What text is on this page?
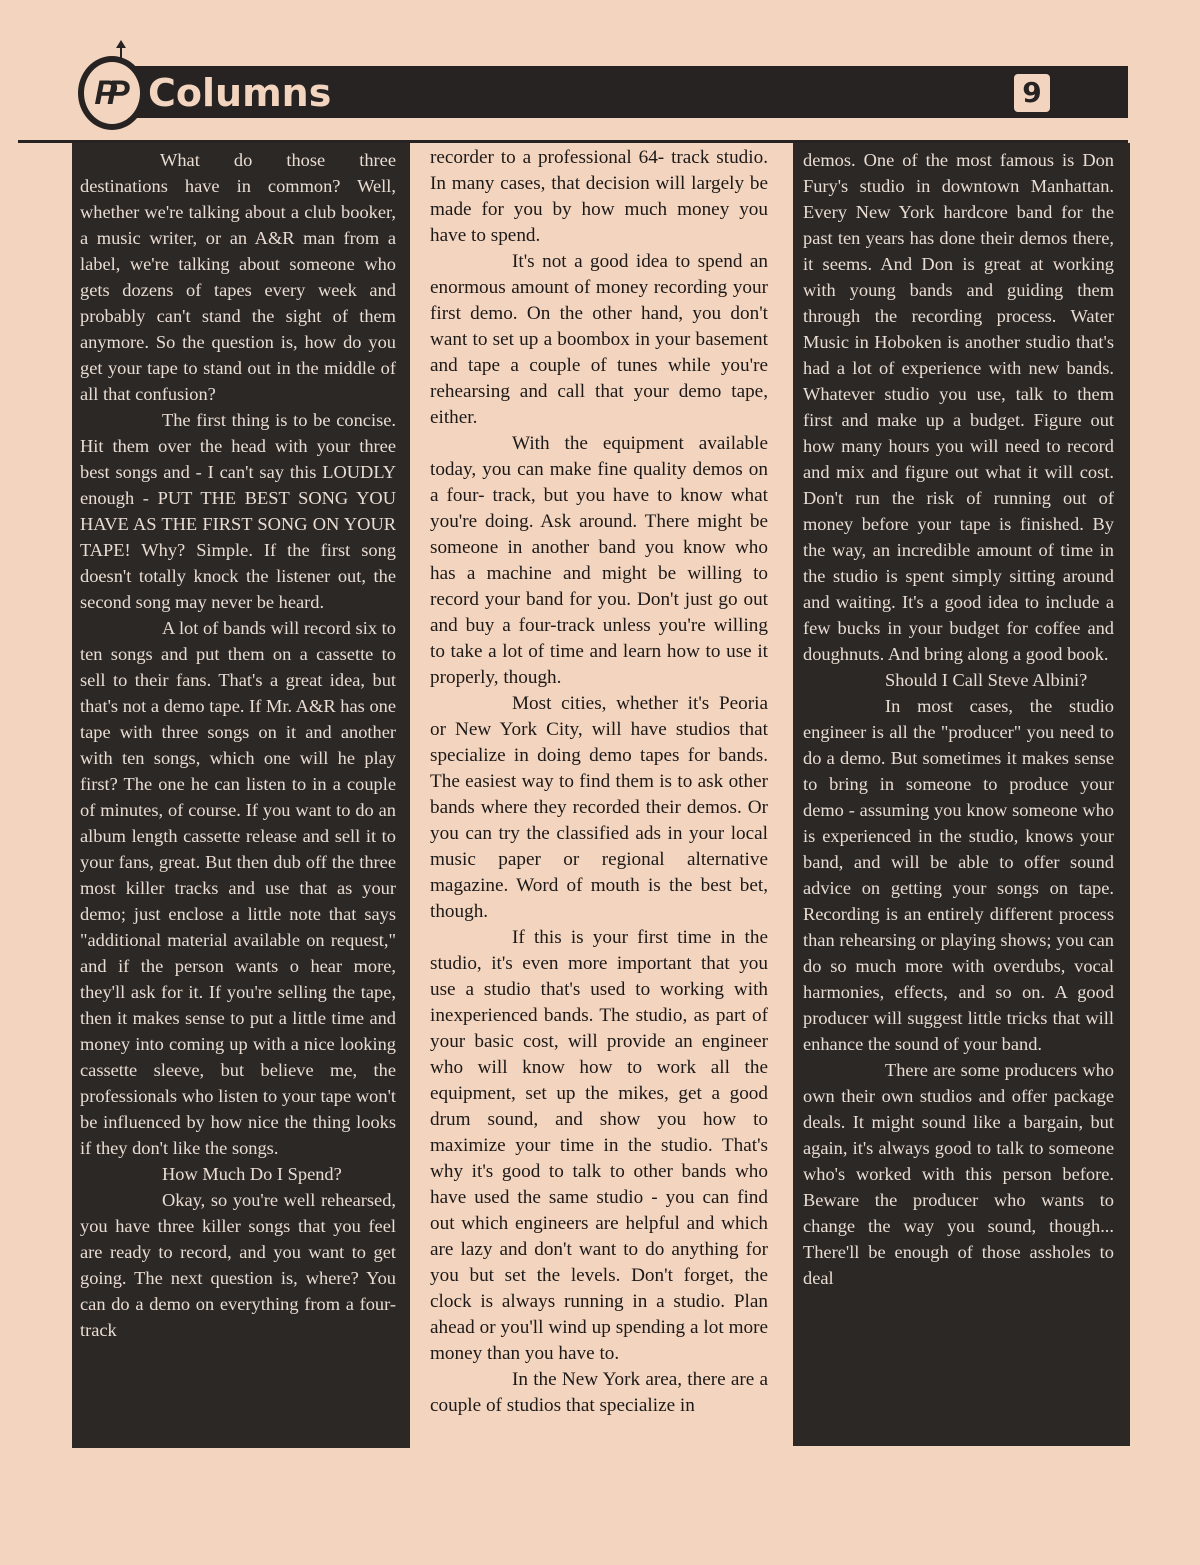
P
P Columns	9

What do those three destinations have in common? Well, whether we're talking about a club booker, a music writer, or an A&R man from a label, we're talking about someone who gets dozens of tapes every week and probably can't stand the sight of them anymore. So the question is, how do you get your tape to stand out in the middle of all that confusion?

The first thing is to be concise. Hit them over the head with your three best songs and - I can't say this LOUDLY enough - PUT THE BEST SONG YOU HAVE AS THE FIRST SONG ON YOUR TAPE! Why? Simple. If the first song doesn't totally knock the listener out, the second song may never be heard.

A lot of bands will record six to ten songs and put them on a cassette to sell to their fans. That's a great idea, but that's not a demo tape. If Mr. A&R has one tape with three songs on it and another with ten songs, which one will he play first? The one he can listen to in a couple of minutes, of course. If you want to do an album length cassette release and sell it to your fans, great. But then dub off the three most killer tracks and use that as your demo; just enclose a little note that says "additional material available on request," and if the person wants o hear more, they'll ask for it. If you're selling the tape, then it makes sense to put a little time and money into coming up with a nice looking cassette sleeve, but believe me, the professionals who listen to your tape won't be influenced by how nice the thing looks if they don't like the songs.

How Much Do I Spend?

Okay, so you're well rehearsed, you have three killer songs that you feel are ready to record, and you want to get going. The next question is, where? You can do a demo on everything from a four-track

recorder to a professional 64- track studio. In many cases, that decision will largely be made for you by how much money you have to spend.

It's not a good idea to spend an enormous amount of money recording your first demo. On the other hand, you don't want to set up a boombox in your basement and tape a couple of tunes while you're rehearsing and call that your demo tape, either.

With the equipment available today, you can make fine quality demos on a four- track, but you have to know what you're doing. Ask around. There might be someone in another band you know who has a machine and might be willing to record your band for you. Don't just go out and buy a four-track unless you're willing to take a lot of time and learn how to use it properly, though.

Most cities, whether it's Peoria or New York City, will have studios that specialize in doing demo tapes for bands. The easiest way to find them is to ask other bands where they recorded their demos. Or you can try the classified ads in your local music paper or regional alternative magazine. Word of mouth is the best bet, though.

If this is your first time in the studio, it's even more important that you use a studio that's used to working with inexperienced bands. The studio, as part of your basic cost, will provide an engineer who will know how to work all the equipment, set up the mikes, get a good drum sound, and show you how to maximize your time in the studio. That's why it's good to talk to other bands who have used the same studio - you can find out which engineers are helpful and which are lazy and don't want to do anything for you but set the levels. Don't forget, the clock is always running in a studio. Plan ahead or you'll wind up spending a lot more money than you have to.

In the New York area, there are a couple of studios that specialize in

demos. One of the most famous is Don Fury's studio in downtown Manhattan. Every New York hardcore band for the past ten years has done their demos there, it seems. And Don is great at working with young bands and guiding them through the recording process. Water Music in Hoboken is another studio that's had a lot of experience with new bands. Whatever studio you use, talk to them first and make up a budget. Figure out how many hours you will need to record and mix and figure out what it will cost. Don't run the risk of running out of money before your tape is finished. By the way, an incredible amount of time in the studio is spent simply sitting around and waiting. It's a good idea to include a few bucks in your budget for coffee and doughnuts. And bring along a good book.

Should I Call Steve Albini?

In most cases, the studio engineer is all the "producer" you need to do a demo. But sometimes it makes sense to bring in someone to produce your demo - assuming you know someone who is experienced in the studio, knows your band, and will be able to offer sound advice on getting your songs on tape. Recording is an entirely different process than rehearsing or playing shows; you can do so much more with overdubs, vocal harmonies, effects, and so on. A good producer will suggest little tricks that will enhance the sound of your band.

There are some producers who own their own studios and offer package deals. It might sound like a bargain, but again, it's always good to talk to someone who's worked with this person before. Beware the producer who wants to change the way you sound, though... There'll be enough of those assholes to deal
